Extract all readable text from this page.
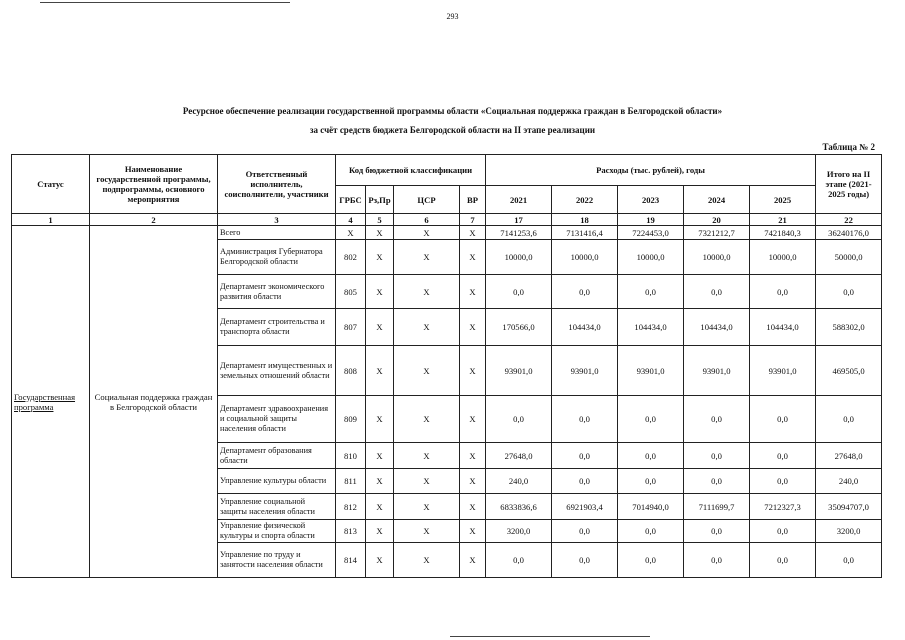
293
Ресурсное обеспечение реализации государственной программы области «Социальная поддержка граждан в Белгородской области»
за счёт средств бюджета Белгородской области на II этапе реализации
Таблица № 2
Статус	Наименование государственной программы, подпрограммы, основного мероприятия	Ответственный исполнитель, соисполнители, участники	Код бюджетной классификации				Расходы (тыс. рублей), годы					Итого на II этапе (2021-2025 годы)
			ГРБС	Рз,Пр	ЦСР	ВР	2021	2022	2023	2024	2025	
1	2	3	4	5	6	7	17	18	19	20	21	22
Государственная программа	Социальная поддержка граждан в Белгородской области	Всего	X	X	X	X	7141253,6	7131416,4	7224453,0	7321212,7	7421840,3	36240176,0
		Администрация Губернатора Белгородской области	802	X	X	X	10000,0	10000,0	10000,0	10000,0	10000,0	50000,0
		Департамент экономического развития области	805	X	X	X	0,0	0,0	0,0	0,0	0,0	0,0
		Департамент строительства и транспорта области	807	X	X	X	170566,0	104434,0	104434,0	104434,0	104434,0	588302,0
		Департамент имущественных и земельных отношений области	808	X	X	X	93901,0	93901,0	93901,0	93901,0	93901,0	469505,0
		Департамент здравоохранения и социальной защиты населения области	809	X	X	X	0,0	0,0	0,0	0,0	0,0	0,0
		Департамент образования области	810	X	X	X	27648,0	0,0	0,0	0,0	0,0	27648,0
		Управление культуры области	811	X	X	X	240,0	0,0	0,0	0,0	0,0	240,0
		Управление социальной защиты населения области	812	X	X	X	6833836,6	6921903,4	7014940,0	7111699,7	7212327,3	35094707,0
		Управление физической культуры и спорта области	813	X	X	X	3200,0	0,0	0,0	0,0	0,0	3200,0
		Управление по труду и занятости населения области	814	X	X	X	0,0	0,0	0,0	0,0	0,0	0,0
